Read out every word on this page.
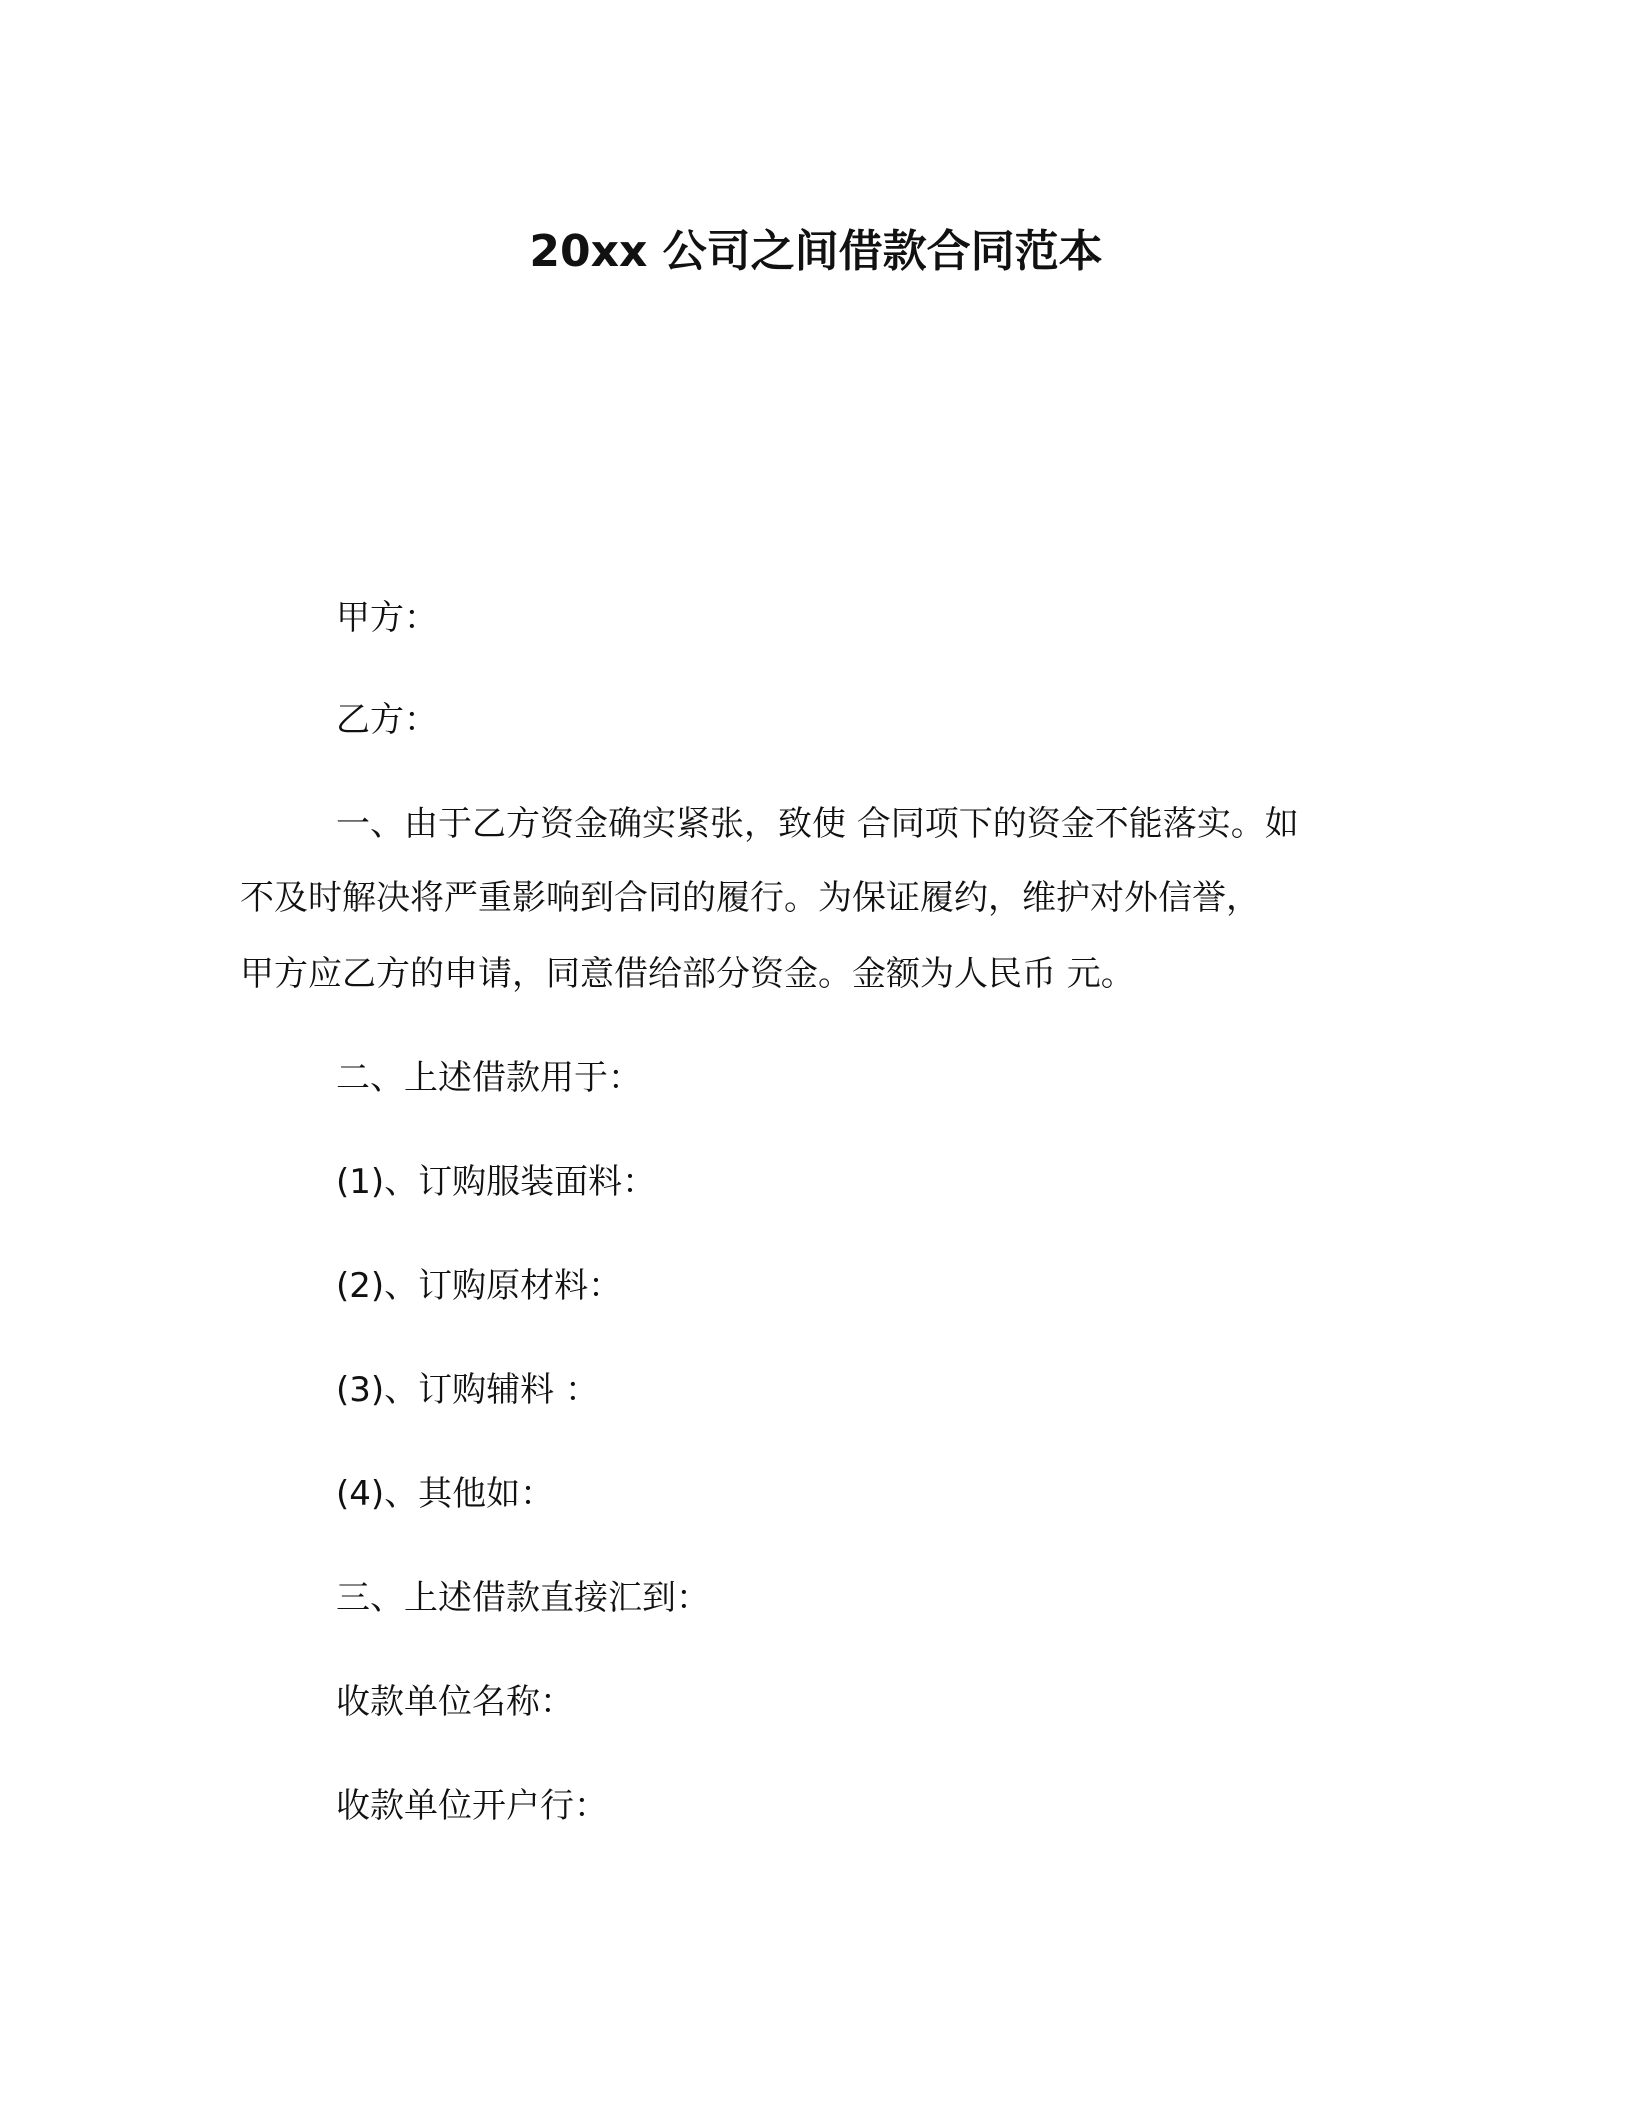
20xx 公司之间借款合同范本
甲方：
乙方：
一、由于乙方资金确实紧张，致使 合同项下的资金不能落实。如
不及时解决将严重影响到合同的履行。为保证履约，维护对外信誉，
甲方应乙方的申请，同意借给部分资金。金额为人民币 元。
二、上述借款用于：
(1)、订购服装面料：
(2)、订购原材料：
(3)、订购辅料 ：
(4)、其他如：
三、上述借款直接汇到：
收款单位名称：
收款单位开户行：
